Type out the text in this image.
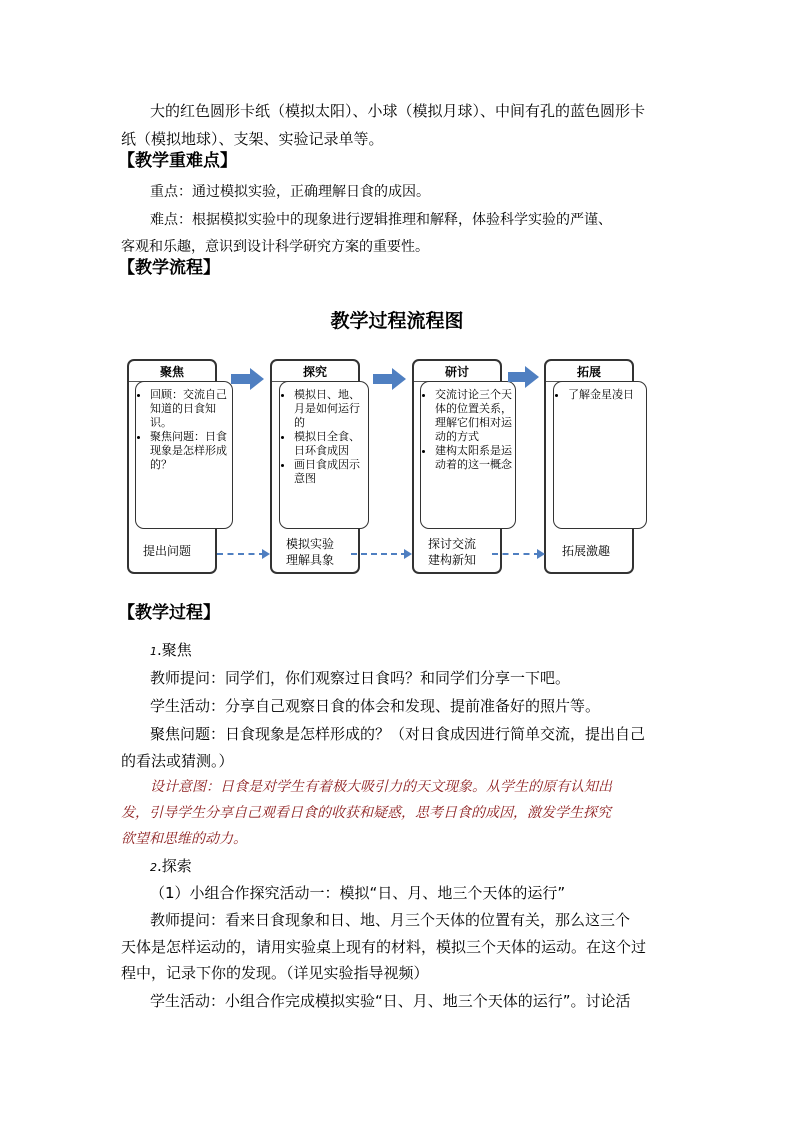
大的红色圆形卡纸（模拟太阳）、小球（模拟月球）、中间有孔的蓝色圆形卡
纸（模拟地球）、支架、实验记录单等。
【教学重难点】
重点：通过模拟实验，正确理解日食的成因。
难点：根据模拟实验中的现象进行逻辑推理和解释，体验科学实验的严谨、
客观和乐趣，意识到设计科学研究方案的重要性。
【教学流程】
教学过程流程图
聚焦
• 回顾：交流自己知道的日食知识。
• 聚焦问题：日食现象是怎样形成的？
提出问题
探究
• 模拟日、地、月是如何运行的
• 模拟日全食、日环食成因
• 画日食成因示意图
模拟实验
理解具象
研讨
• 交流讨论三个天体的位置关系，理解它们相对运动的方式
• 建构太阳系是运动着的这一概念
探讨交流
建构新知
拓展
• 了解金星凌日
拓展激趣
【教学过程】
1.聚焦
教师提问：同学们，你们观察过日食吗？和同学们分享一下吧。
学生活动：分享自己观察日食的体会和发现、提前准备好的照片等。
聚焦问题：日食现象是怎样形成的？（对日食成因进行简单交流，提出自己
的看法或猜测。）
设计意图：日食是对学生有着极大吸引力的天文现象。从学生的原有认知出
发，引导学生分享自己观看日食的收获和疑惑，思考日食的成因，激发学生探究
欲望和思维的动力。
2.探索
（1）小组合作探究活动一：模拟“日、月、地三个天体的运行”
教师提问：看来日食现象和日、地、月三个天体的位置有关，那么这三个
天体是怎样运动的，请用实验桌上现有的材料，模拟三个天体的运动。在这个过
程中，记录下你的发现。（详见实验指导视频）
学生活动：小组合作完成模拟实验“日、月、地三个天体的运行”。讨论活
